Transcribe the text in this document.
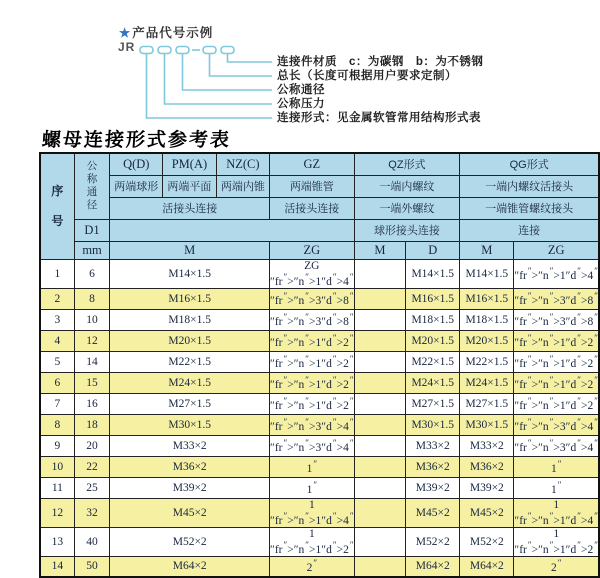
★产品代号示例
JR
连接件材质　c：为碳钢　b：为不锈钢
总长（长度可根据用户要求定制）
公称通径
公称压力
连接形式：见金属软管常用结构形式表
螺母连接形式参考表
序
号	公
称
通
径	Q(D)	PM(A)	NZ(C)	GZ	QZ形式		QG形式	
		两端球形	两端平面	两端内锥	两端锥管	一端内螺纹		一端内螺纹活接头	
		活接头连接			活接头连接	一端外螺纹		一端锥管螺纹接头	
	D1					球形接头连接		连接	
	mm	M			ZG	M	D	M	ZG
1	6	M14×1.5			ZG ″fr″>″n″>1″d″>4″		M14×1.5	M14×1.5	″fr″>″n″>1″d″>4″
2	8	M16×1.5			″fr″>″n″>3″d″>8″		M16×1.5	M16×1.5	″fr″>″n″>3″d″>8″
3	10	M18×1.5			″fr″>″n″>3″d″>8″		M18×1.5	M18×1.5	″fr″>″n″>3″d″>8″
4	12	M20×1.5			″fr″>″n″>1″d″>2″		M20×1.5	M20×1.5	″fr″>″n″>1″d″>2″
5	14	M22×1.5			″fr″>″n″>1″d″>2″		M22×1.5	M22×1.5	″fr″>″n″>1″d″>2″
6	15	M24×1.5			″fr″>″n″>1″d″>2″		M24×1.5	M24×1.5	″fr″>″n″>1″d″>2″
7	16	M27×1.5			″fr″>″n″>1″d″>2″		M27×1.5	M27×1.5	″fr″>″n″>1″d″>2″
8	18	M30×1.5			″fr″>″n″>3″d″>4″		M30×1.5	M30×1.5	″fr″>″n″>3″d″>4″
9	20	M33×2			″fr″>″n″>3″d″>4″		M33×2	M33×2	″fr″>″n″>3″d″>4″
10	22	M36×2			1″		M36×2	M36×2	1″
11	25	M39×2			1″		M39×2	M39×2	1″
12	32	M45×2			1 ″fr″>″n″>1″d″>4″		M45×2	M45×2	1 ″fr″>″n″>1″d″>4″
13	40	M52×2			1 ″fr″>″n″>1″d″>2″		M52×2	M52×2	1 ″fr″>″n″>1″d″>2″
14	50	M64×2			2″		M64×2	M64×2	2″
